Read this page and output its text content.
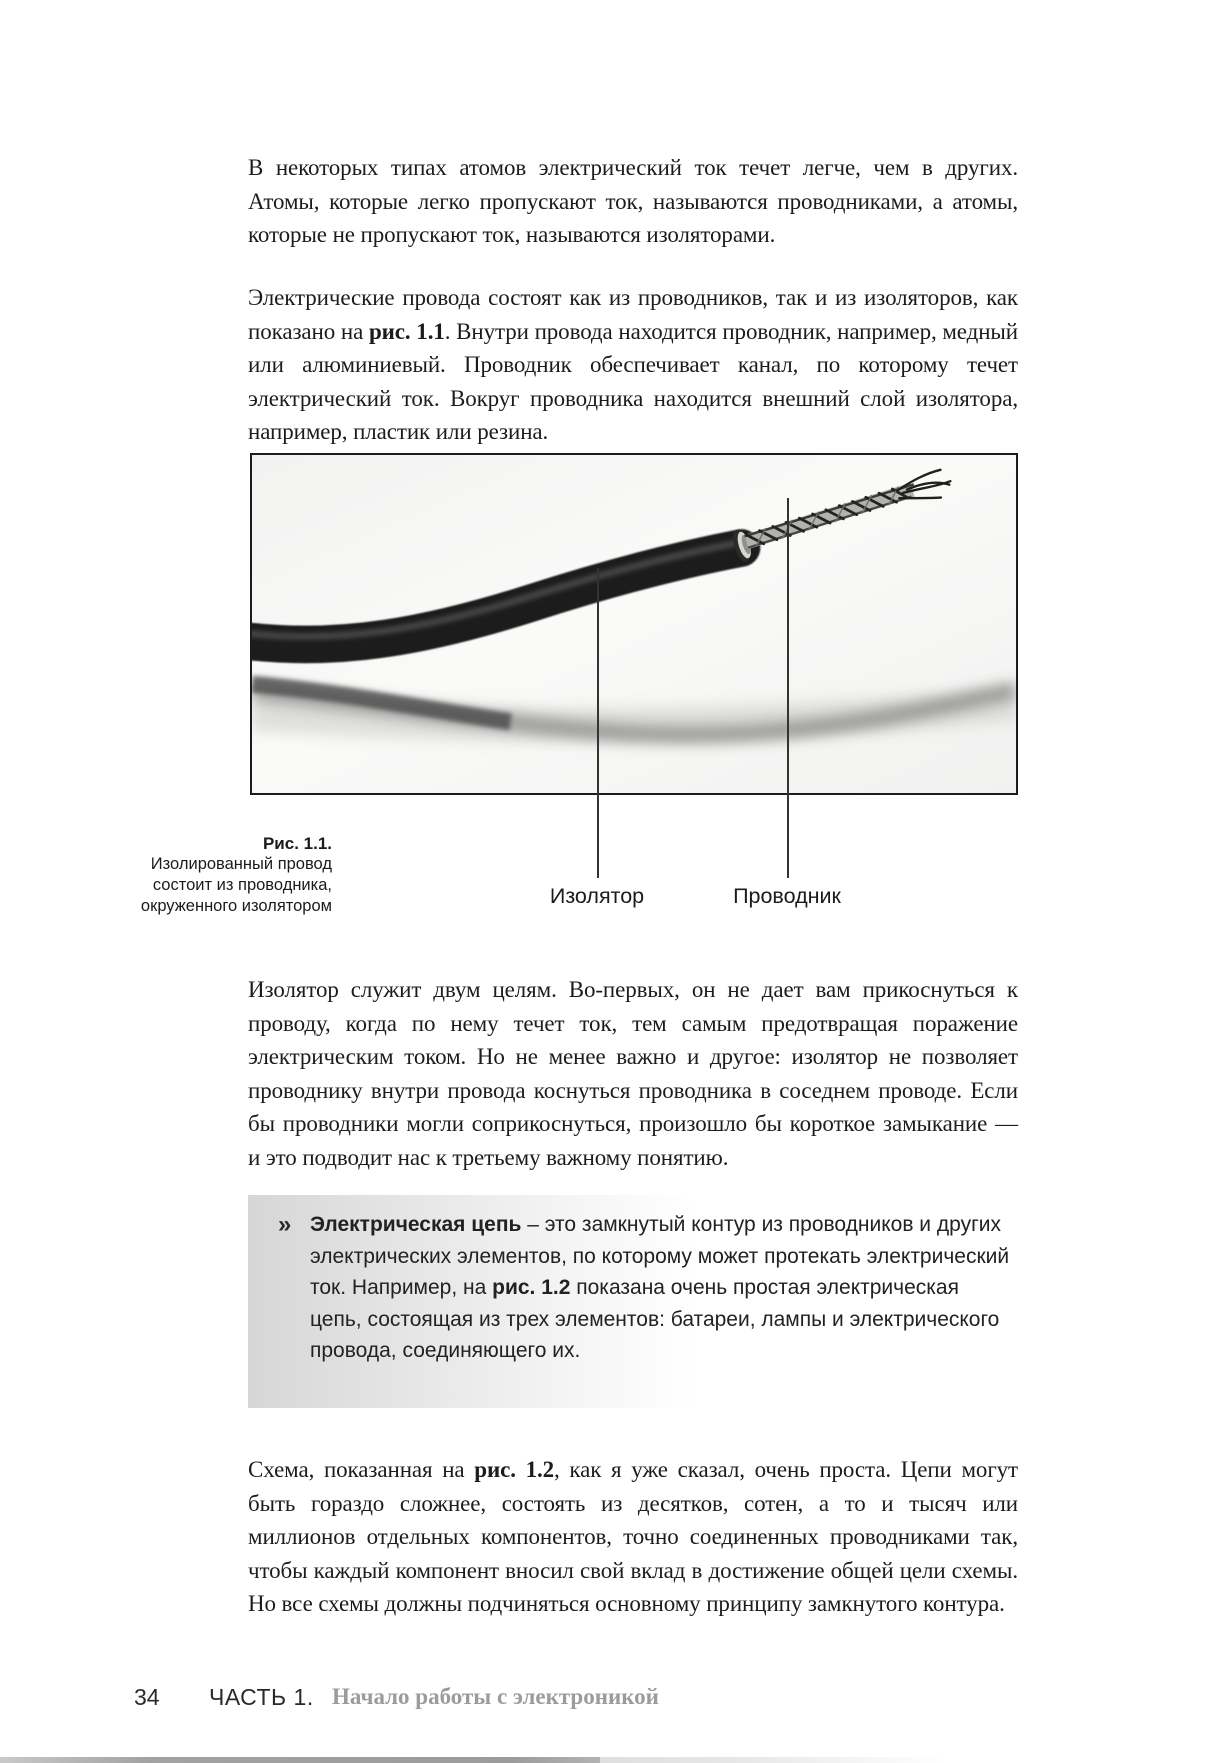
В некоторых типах атомов электрический ток течет легче, чем в других. Атомы, которые легко пропускают ток, называются проводниками, а атомы, которые не пропускают ток, называются изоляторами.

Электрические провода состоят как из проводников, так и из изоляторов, как показано на рис. 1.1. Внутри провода находится проводник, например, медный или алюминиевый. Проводник обеспечивает канал, по которому течет электрический ток. Вокруг проводника находится внешний слой изолятора, например, пластик или резина.

Рис. 1.1.
Изолированный провод
состоит из проводника,
окруженного изолятором	Изолятор	Проводник

Изолятор служит двум целям. Во-первых, он не дает вам прикоснуться к проводу, когда по нему течет ток, тем самым предотвращая поражение электрическим током. Но не менее важно и другое: изолятор не позволяет проводнику внутри провода коснуться проводника в соседнем проводе. Если бы проводники могли соприкоснуться, произошло бы короткое замыкание — и это подводит нас к третьему важному понятию.

» Электрическая цепь – это замкнутый контур из проводников и других электрических элементов, по которому может протекать электрический ток. Например, на рис. 1.2 показана очень простая электрическая цепь, состоящая из трех элементов: батареи, лампы и электрического провода, соединяющего их.

Схема, показанная на рис. 1.2, как я уже сказал, очень проста. Цепи могут быть гораздо сложнее, состоять из десятков, сотен, а то и тысяч или миллионов отдельных компонентов, точно соединенных проводниками так, чтобы каждый компонент вносил свой вклад в достижение общей цели схемы. Но все схемы должны подчиняться основному принципу замкнутого контура.

34 ЧАСТЬ 1. Начало работы с электроникой
